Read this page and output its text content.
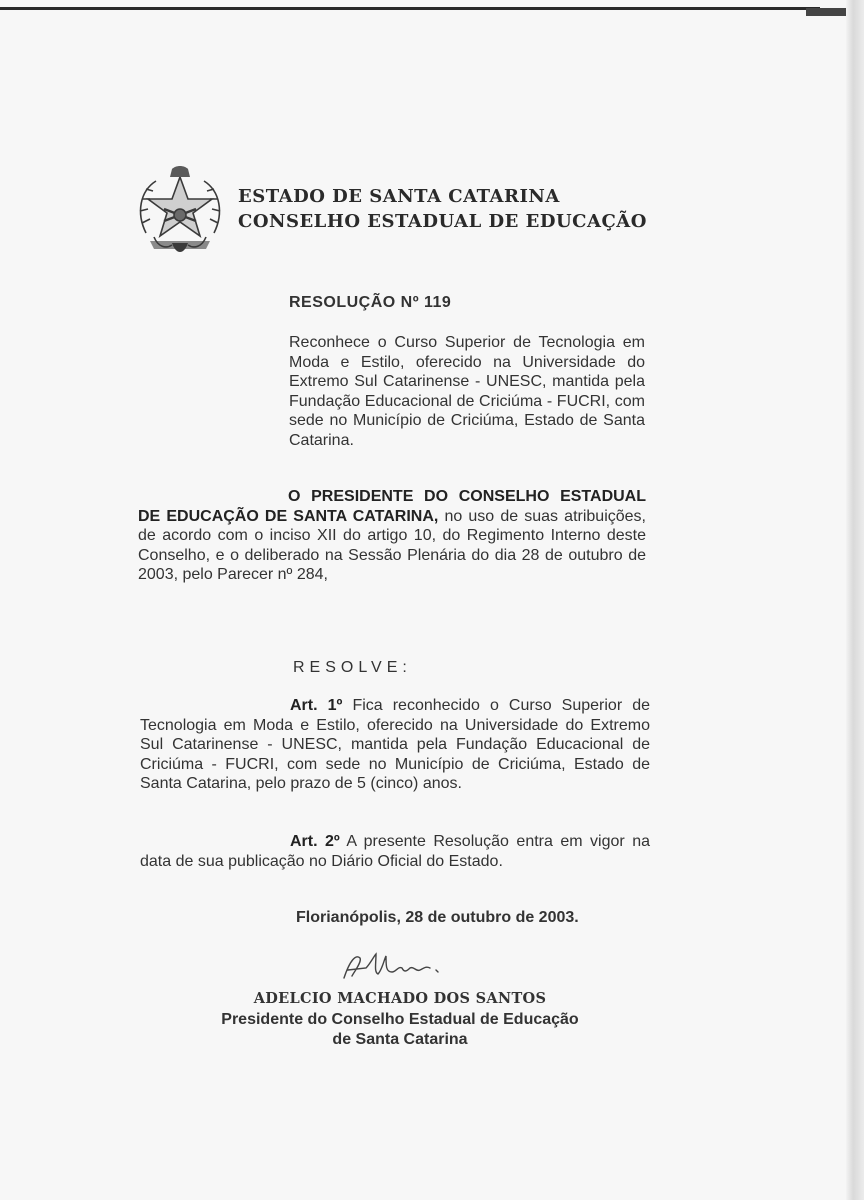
ESTADO DE SANTA CATARINA
CONSELHO ESTADUAL DE EDUCAÇÃO
RESOLUÇÃO Nº 119
Reconhece o Curso Superior de Tecnologia em Moda e Estilo, oferecido na Universidade do Extremo Sul Catarinense - UNESC, mantida pela Fundação Educacional de Criciúma - FUCRI, com sede no Município de Criciúma, Estado de Santa Catarina.
O PRESIDENTE DO CONSELHO ESTADUAL DE EDUCAÇÃO DE SANTA CATARINA, no uso de suas atribuições, de acordo com o inciso XII do artigo 10, do Regimento Interno deste Conselho, e o deliberado na Sessão Plenária do dia 28 de outubro de 2003, pelo Parecer nº 284,
RESOLVE:
Art. 1º Fica reconhecido o Curso Superior de Tecnologia em Moda e Estilo, oferecido na Universidade do Extremo Sul Catarinense - UNESC, mantida pela Fundação Educacional de Criciúma - FUCRI, com sede no Município de Criciúma, Estado de Santa Catarina, pelo prazo de 5 (cinco) anos.
Art. 2º A presente Resolução entra em vigor na data de sua publicação no Diário Oficial do Estado.
Florianópolis, 28 de outubro de 2003.
ADELCIO MACHADO DOS SANTOS
Presidente do Conselho Estadual de Educação
de Santa Catarina
